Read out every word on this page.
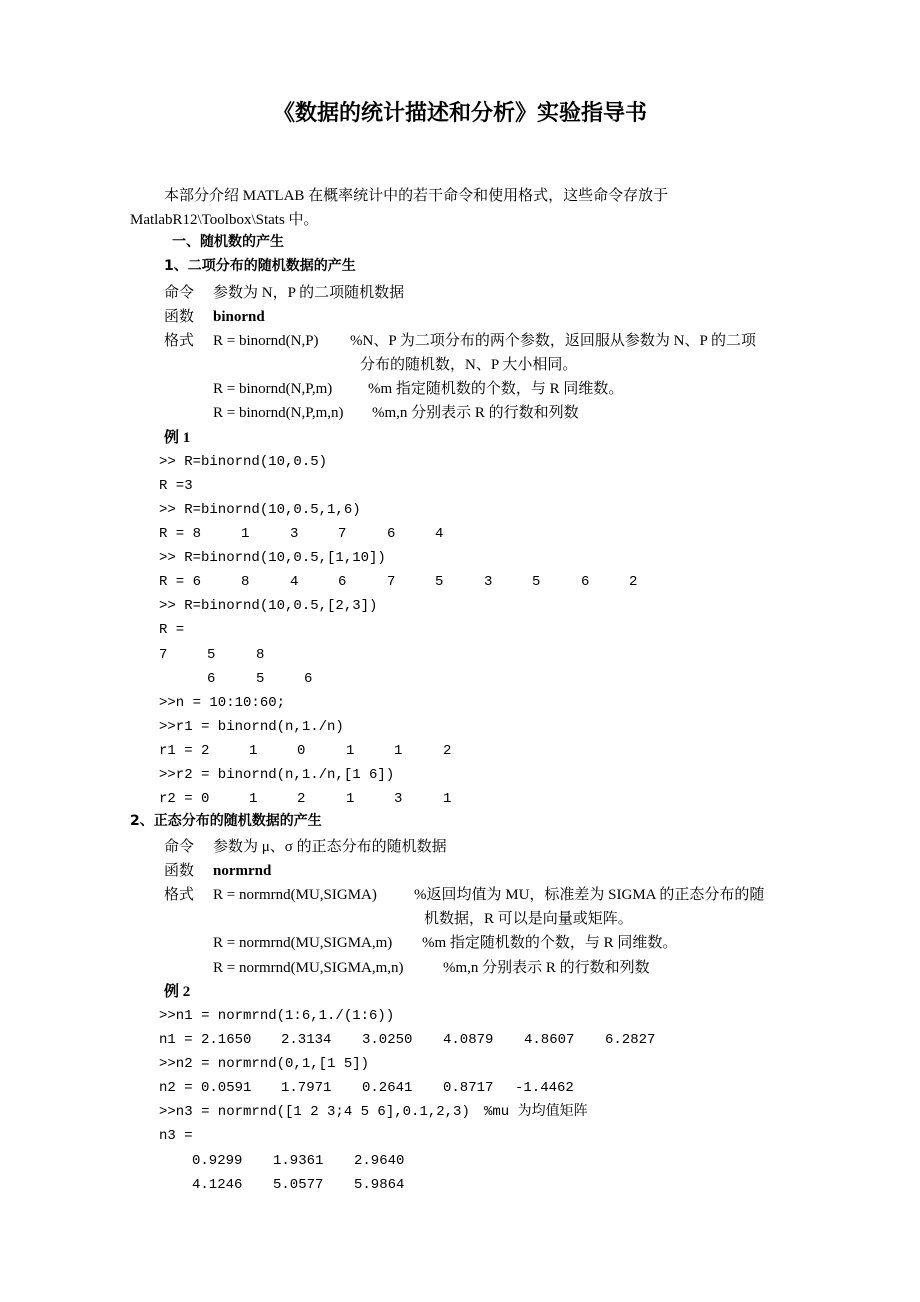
《数据的统计描述和分析》实验指导书
本部分介绍 MATLAB 在概率统计中的若干命令和使用格式，这些命令存放于
MatlabR12\Toolbox\Stats 中。
一、随机数的产生
1、二项分布的随机数据的产生
命令 参数为 N，P 的二项随机数据
函数 binornd
格式 R = binornd(N,P) %N、P 为二项分布的两个参数，返回服从参数为 N、P 的二项
分布的随机数，N、P 大小相同。
R = binornd(N,P,m) %m 指定随机数的个数，与 R 同维数。
R = binornd(N,P,m,n) %m,n 分别表示 R 的行数和列数
例 1
>> R=binornd(10,0.5)
R =3
>> R=binornd(10,0.5,1,6)
R = 8	1	3	7	6	4
>> R=binornd(10,0.5,[1,10])
R = 6	8	4	6	7	5	3	5	6	2
>> R=binornd(10,0.5,[2,3])
R =
7	5	8
6	5	6
>>n = 10:10:60;
>>r1 = binornd(n,1./n)
r1 = 2	1	0	1	1	2
>>r2 = binornd(n,1./n,[1 6])
r2 = 0	1	2	1	3	1
2、正态分布的随机数据的产生
命令 参数为 μ、σ 的正态分布的随机数据
函数 normrnd
格式 R = normrnd(MU,SIGMA) %返回均值为 MU，标准差为 SIGMA 的正态分布的随
机数据，R 可以是向量或矩阵。
R = normrnd(MU,SIGMA,m) %m 指定随机数的个数，与 R 同维数。
R = normrnd(MU,SIGMA,m,n)	%m,n 分别表示 R 的行数和列数
例 2
>>n1 = normrnd(1:6,1./(1:6))
n1 = 2.1650 2.3134 3.0250 4.0879 4.8607 6.2827
>>n2 = normrnd(0,1,[1 5])
n2 = 0.0591 1.7971 0.2641 0.8717 -1.4462
>>n3 = normrnd([1 2 3;4 5 6],0.1,2,3) %mu 为均值矩阵
n3 =
0.9299 1.9361 2.9640
4.1246 5.0577 5.9864
